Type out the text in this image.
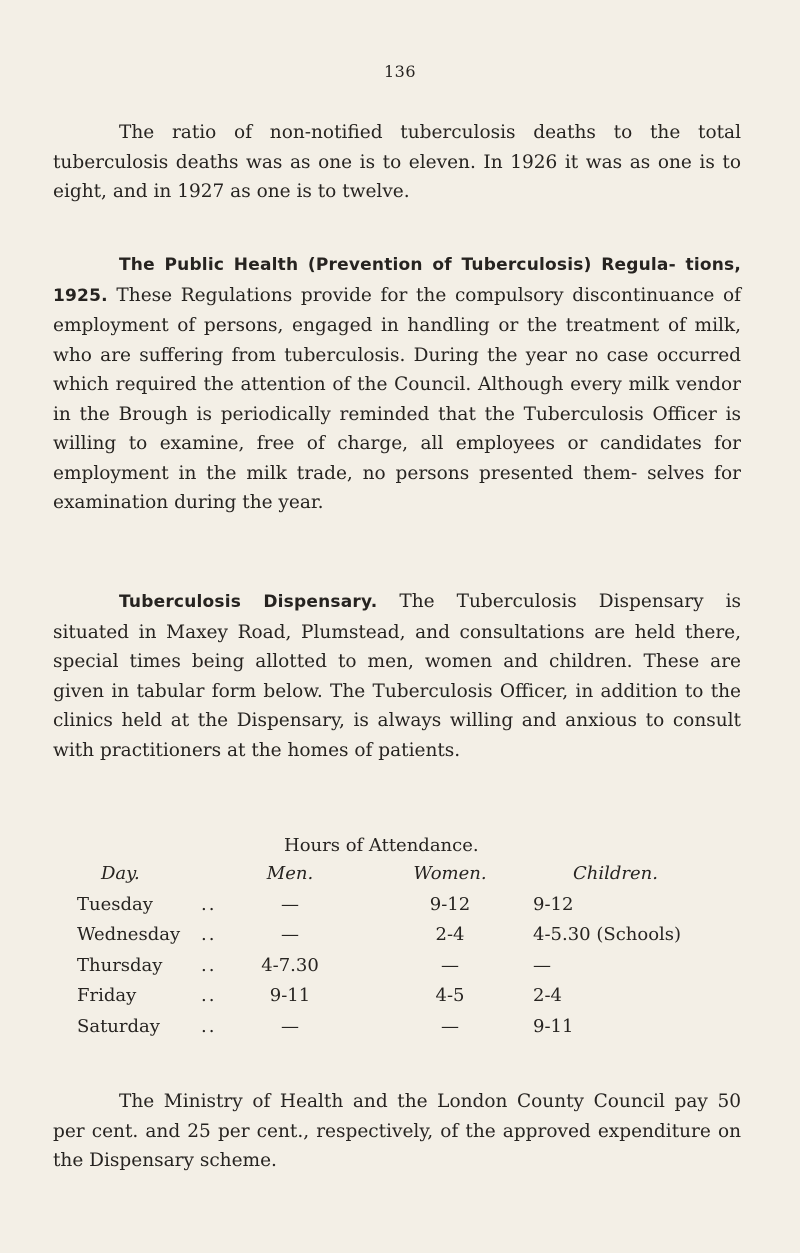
136

The ratio of non-notified tuberculosis deaths to the total tuberculosis deaths was as one is to eleven. In 1926 it was as one is to eight, and in 1927 as one is to twelve.

The Public Health (Prevention of Tuberculosis) Regula- tions, 1925. These Regulations provide for the compulsory discontinuance of employment of persons, engaged in handling or the treatment of milk, who are suffering from tuberculosis. During the year no case occurred which required the attention of the Council. Although every milk vendor in the Brough is periodically reminded that the Tuberculosis Officer is willing to examine, free of charge, all employees or candidates for employment in the milk trade, no persons presented them- selves for examination during the year.

Tuberculosis Dispensary. The Tuberculosis Dispensary is situated in Maxey Road, Plumstead, and consultations are held there, special times being allotted to men, women and children. These are given in tabular form below. The Tuberculosis Officer, in addition to the clinics held at the Dispensary, is always willing and anxious to consult with practitioners at the homes of patients.

Hours of Attendance.
Day.	Men.	Women.	Children.
Tuesday	..	—	9-12	9-12
Wednesday ..	—	2-4	4-5.30 (Schools)
Thursday ..	4-7.30	—	—
Friday	..	9-11	4-5	2-4
Saturday ..	—	—	9-11

The Ministry of Health and the London County Council pay 50 per cent. and 25 per cent., respectively, of the approved expenditure on the Dispensary scheme.
